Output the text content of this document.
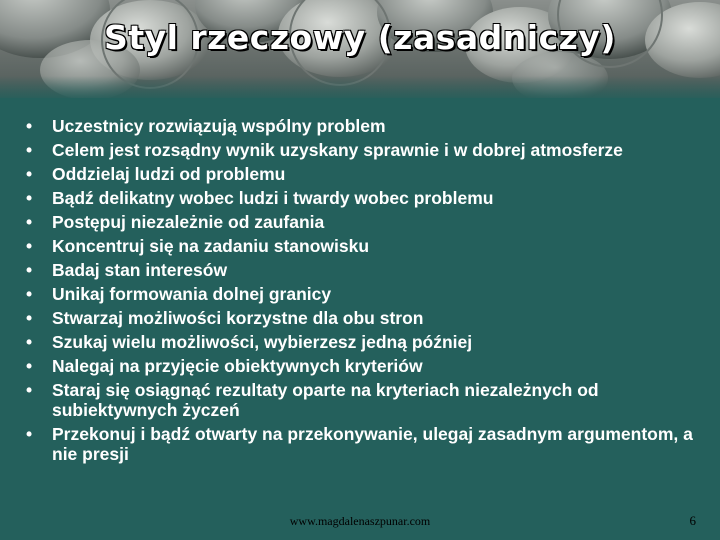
Styl rzeczowy (zasadniczy)
• Uczestnicy rozwiązują wspólny problem
• Celem jest rozsądny wynik uzyskany sprawnie i w dobrej atmosferze
• Oddzielaj ludzi od problemu
• Bądź delikatny wobec ludzi i twardy wobec problemu
• Postępuj niezależnie od zaufania
• Koncentruj się na zadaniu stanowisku
• Badaj stan interesów
• Unikaj formowania dolnej granicy
• Stwarzaj możliwości korzystne dla obu stron
• Szukaj wielu możliwości, wybierzesz jedną później
• Nalegaj na przyjęcie obiektywnych kryteriów
• Staraj się osiągnąć rezultaty oparte na kryteriach niezależnych od subiektywnych życzeń
• Przekonuj i bądź otwarty na przekonywanie, ulegaj zasadnym argumentom, a nie presji
www.magdalenaszpunar.com	6
